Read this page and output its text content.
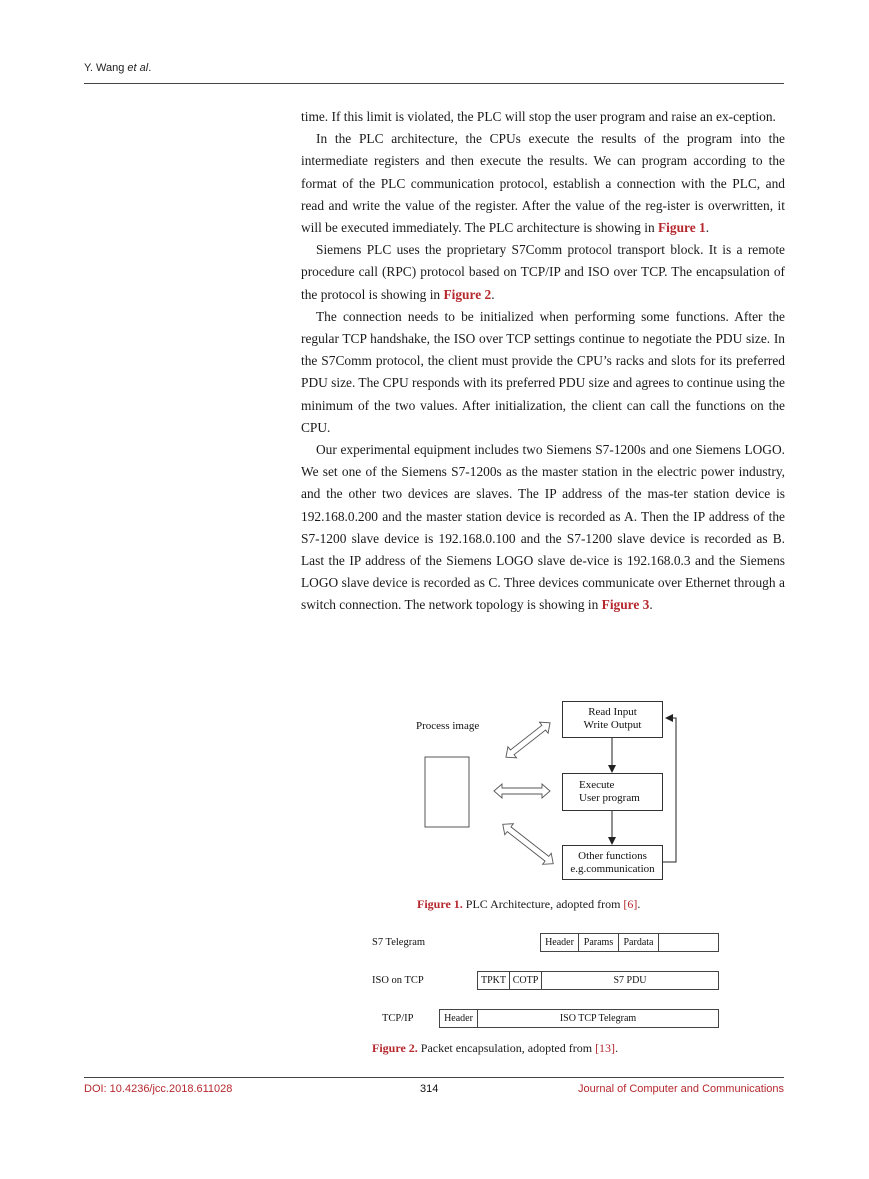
Y. Wang et al.

time. If this limit is violated, the PLC will stop the user program and raise an ex-ception.

In the PLC architecture, the CPUs execute the results of the program into the intermediate registers and then execute the results. We can program according to the format of the PLC communication protocol, establish a connection with the PLC, and read and write the value of the register. After the value of the reg-ister is overwritten, it will be executed immediately. The PLC architecture is showing in Figure 1.

Siemens PLC uses the proprietary S7Comm protocol transport block. It is a remote procedure call (RPC) protocol based on TCP/IP and ISO over TCP. The encapsulation of the protocol is showing in Figure 2.

The connection needs to be initialized when performing some functions. After the regular TCP handshake, the ISO over TCP settings continue to negotiate the PDU size. In the S7Comm protocol, the client must provide the CPU’s racks and slots for its preferred PDU size. The CPU responds with its preferred PDU size and agrees to continue using the minimum of the two values. After initialization, the client can call the functions on the CPU.

Our experimental equipment includes two Siemens S7-1200s and one Siemens LOGO. We set one of the Siemens S7-1200s as the master station in the electric power industry, and the other two devices are slaves. The IP address of the mas-ter station device is 192.168.0.200 and the master station device is recorded as A. Then the IP address of the S7-1200 slave device is 192.168.0.100 and the S7-1200 slave device is recorded as B. Last the IP address of the Siemens LOGO slave de-vice is 192.168.0.3 and the Siemens LOGO slave device is recorded as C. Three devices communicate over Ethernet through a switch connection. The network topology is showing in Figure 3.

Process image
Read Input
Write Output
Execute
User program
Other functions
e.g.communication
Figure 1. PLC Architecture, adopted from [6].
S7 Telegram	Header Params	Pardata
ISO on TCP	TPKT COTP	S7 PDU
TCP/IP	Header	ISO TCP Telegram
Figure 2. Packet encapsulation, adopted from [13].
DOI: 10.4236/jcc.2018.611028	314	Journal of Computer and Communications
